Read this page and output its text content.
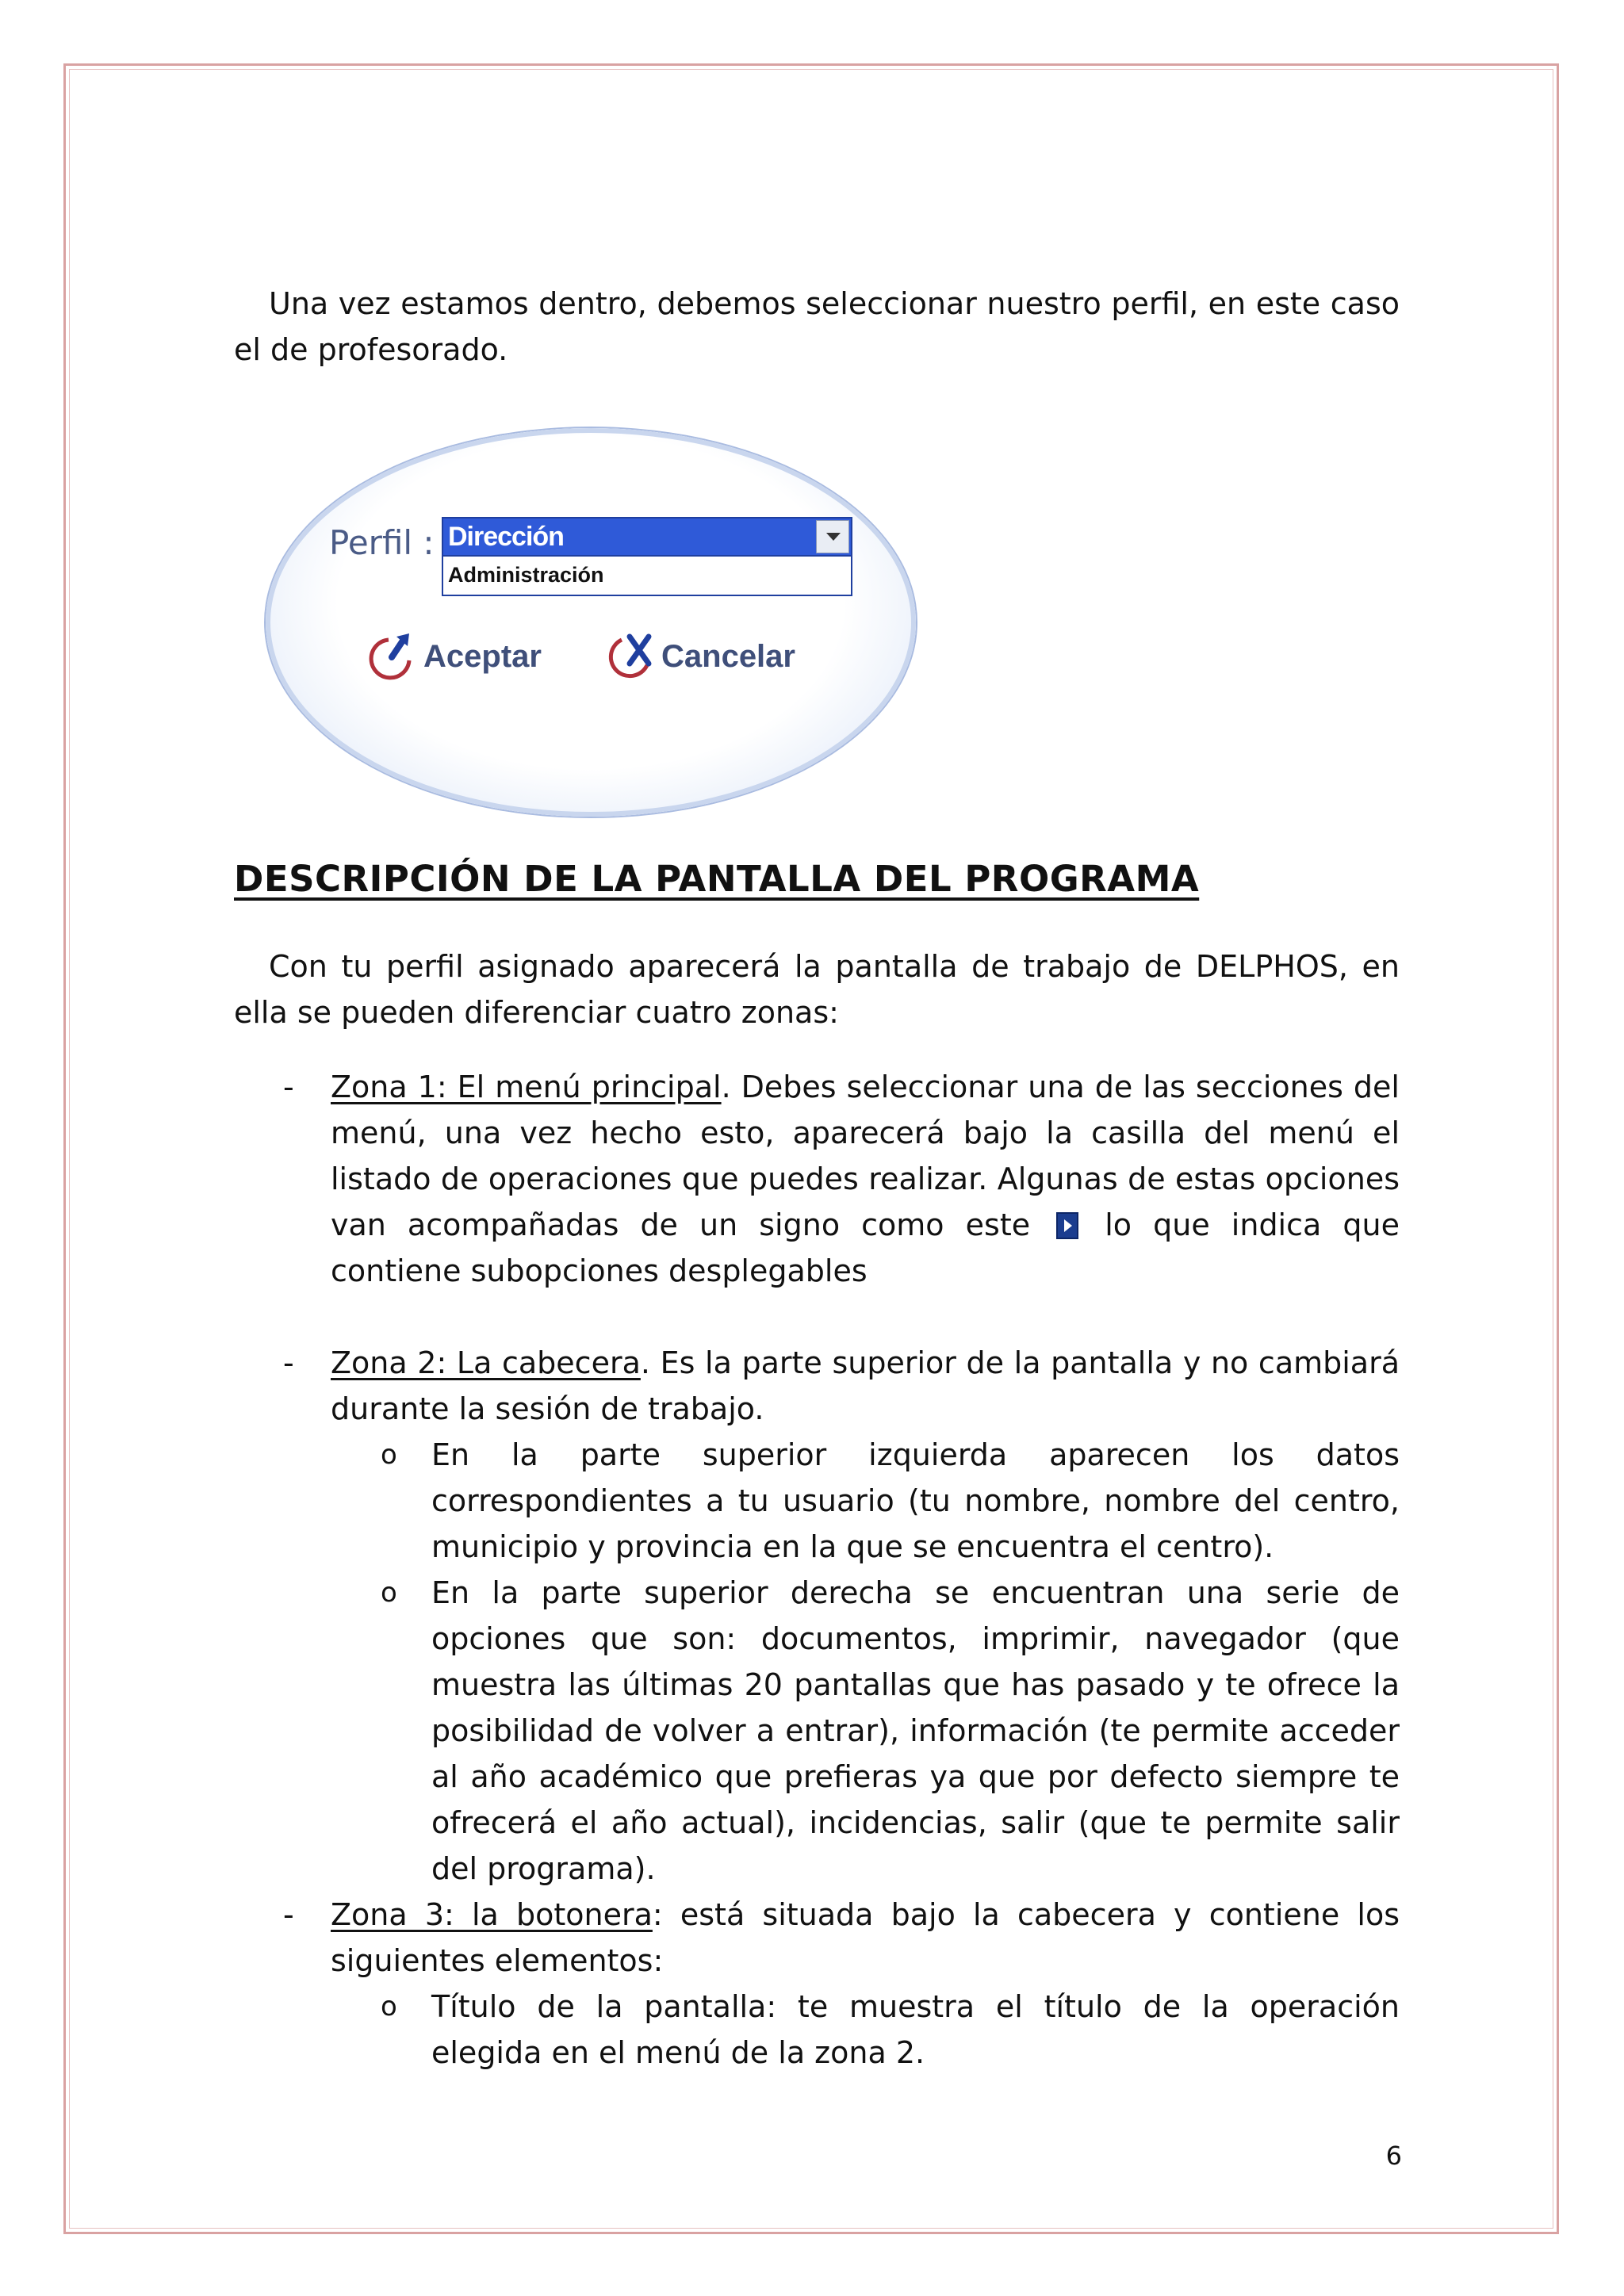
Una vez estamos dentro, debemos seleccionar nuestro perfil, en este caso el de profesorado.
Perfil : Dirección
Administración
Aceptar	Cancelar
DESCRIPCIÓN DE LA PANTALLA DEL PROGRAMA
Con tu perfil asignado aparecerá la pantalla de trabajo de DELPHOS, en ella se pueden diferenciar cuatro zonas:
- Zona 1: El menú principal. Debes seleccionar una de las secciones del menú, una vez hecho esto, aparecerá bajo la casilla del menú el listado de operaciones que puedes realizar. Algunas de estas opciones van acompañadas de un signo como este lo que indica que contiene subopciones desplegables
- Zona 2: La cabecera. Es la parte superior de la pantalla y no cambiará durante la sesión de trabajo.
o En la parte superior izquierda aparecen los datos correspondientes a tu usuario (tu nombre, nombre del centro, municipio y provincia en la que se encuentra el centro).
o En la parte superior derecha se encuentran una serie de opciones que son: documentos, imprimir, navegador (que muestra las últimas 20 pantallas que has pasado y te ofrece la posibilidad de volver a entrar), información (te permite acceder al año académico que prefieras ya que por defecto siempre te ofrecerá el año actual), incidencias, salir (que te permite salir del programa).
- Zona 3: la botonera: está situada bajo la cabecera y contiene los siguientes elementos:
o Título de la pantalla: te muestra el título de la operación elegida en el menú de la zona 2.
6
